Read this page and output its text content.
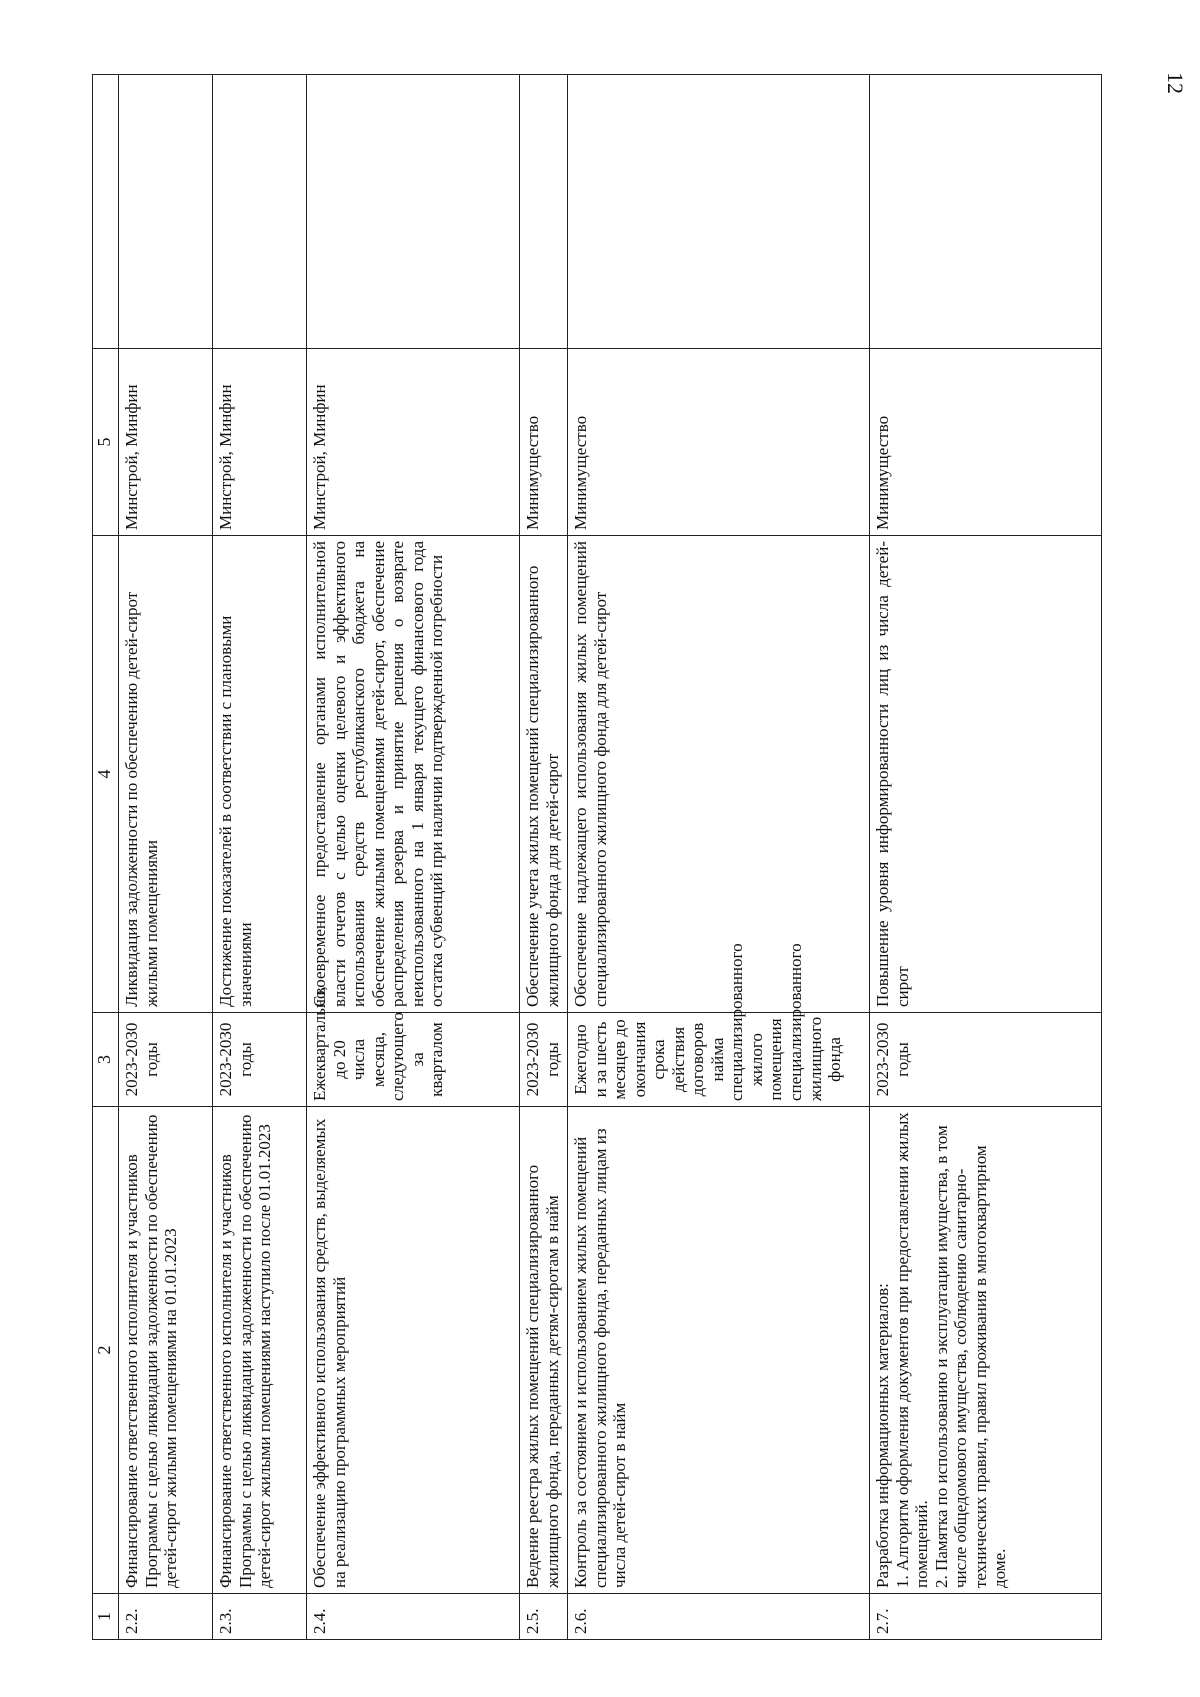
12
1	2	3	4	5	
2.2.	Финансирование ответственного исполнителя и участников Программы с целью ликвидации задолженности по обеспечению детей-сирот жилыми помещениями на 01.01.2023	2023-2030 годы	Ликвидация задолженности по обеспечению детей-сирот жилыми помещениями	Минстрой, Минфин	
2.3.	Финансирование ответственного исполнителя и участников Программы с целью ликвидации задолженности по обеспечению детей-сирот жилыми помещениями наступило после 01.01.2023	2023-2030 годы	Достижение показателей в соответствии с плановыми значениями	Минстрой, Минфин	
2.4.	Обеспечение эффективного использования средств, выделяемых на реализацию программных мероприятий	Ежеквартально, до 20 числа месяца, следующего за кварталом	Своевременное предоставление органами исполнительной власти отчетов с целью оценки целевого и эффективного использования средств республиканского бюджета на обеспечение жилыми помещениями детей-сирот, обеспечение распределения резерва и принятие решения о возврате неиспользованного на 1 января текущего финансового года остатка субвенций при наличии подтвержденной потребности	Минстрой, Минфин	
2.5.	Ведение реестра жилых помещений специализированного жилищного фонда, переданных детям-сиротам в найм	2023-2030 годы	Обеспечение учета жилых помещений специализированного жилищного фонда для детей-сирот	Минимущество	
2.6.	Контроль за состоянием и использованием жилых помещений специализированного жилищного фонда, переданных лицам из числа детей-сирот в найм	Ежегодно и за шесть месяцев до окончания срока действия договоров найма специализированного жилого помещения специализированного жилищного фонда	Обеспечение надлежащего использования жилых помещений специализированного жилищного фонда для детей-сирот	Минимущество	
2.7.	Разработка информационных материалов: 1. Алгоритм оформления документов при предоставлении жилых помещений. 2. Памятка по использованию и эксплуатации имущества, в том числе общедомового имущества, соблюдению санитарно-технических правил, правил проживания в многоквартирном доме.	2023-2030 годы	Повышение уровня информированности лиц из числа детей-сирот	Минимущество	
